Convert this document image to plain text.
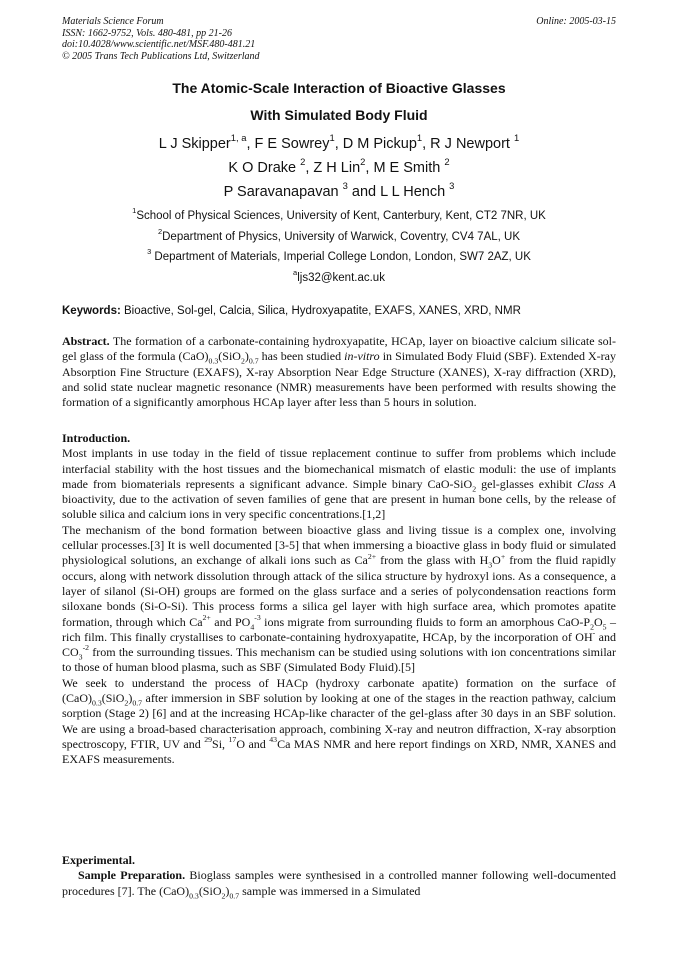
Materials Science Forum
ISSN: 1662-9752, Vols. 480-481, pp 21-26
doi:10.4028/www.scientific.net/MSF.480-481.21
© 2005 Trans Tech Publications Ltd, Switzerland
Online: 2005-03-15
The Atomic-Scale Interaction of Bioactive Glasses
With Simulated Body Fluid
L J Skipper$^{1, a}$, F E Sowrey$^1$, D M Pickup$^1$, R J Newport $^1$
K O Drake $^2$, Z H Lin$^2$, M E Smith $^2$
P Saravanapavan $^3$ and L L Hench $^3$
$^1$School of Physical Sciences, University of Kent, Canterbury, Kent, CT2 7NR, UK
$^2$Department of Physics, University of Warwick, Coventry, CV4 7AL, UK
$^3$ Department of Materials, Imperial College London, London, SW7 2AZ, UK
$^a$ljs32@kent.ac.uk
Keywords: Bioactive, Sol-gel, Calcia, Silica, Hydroxyapatite, EXAFS, XANES, XRD, NMR

Abstract. The formation of a carbonate-containing hydroxyapatite, HCAp, layer on bioactive calcium silicate sol-gel glass of the formula $(CaO)_{0.3}(SiO_2)_{0.7}$ has been studied in-vitro in Simulated Body Fluid (SBF). Extended X-ray Absorption Fine Structure (EXAFS), X-ray Absorption Near Edge Structure (XANES), X-ray diffraction (XRD), and solid state nuclear magnetic resonance (NMR) measurements have been performed with results showing the formation of a significantly amorphous HCAp layer after less than 5 hours in solution.

Introduction.

Most implants in use today in the field of tissue replacement continue to suffer from problems which include interfacial stability with the host tissues and the biomechanical mismatch of elastic moduli: the use of implants made from biomaterials represents a significant advance. Simple binary CaO-SiO$_2$ gel-glasses exhibit Class A bioactivity, due to the activation of seven families of gene that are present in human bone cells, by the release of soluble silica and calcium ions in very specific concentrations.[1,2]

The mechanism of the bond formation between bioactive glass and living tissue is a complex one, involving cellular processes.[3] It is well documented [3-5] that when immersing a bioactive glass in body fluid or simulated physiological solutions, an exchange of alkali ions such as $Ca^{2+}$ from the glass with $H_3O^+$ from the fluid rapidly occurs, along with network dissolution through attack of the silica structure by hydroxyl ions. As a consequence, a layer of silanol (Si-OH) groups are formed on the glass surface and a series of polycondensation reactions form siloxane bonds (Si-O-Si). This process forms a silica gel layer with high surface area, which promotes apatite formation, through which $Ca^{2+}$ and $PO_4^{-3}$ ions migrate from surrounding fluids to form an amorphous CaO-$P_2O_5$ –rich film. This finally crystallises to carbonate-containing hydroxyapatite, HCAp, by the incorporation of OH- and $CO_3^{-2}$ from the surrounding tissues. This mechanism can be studied using solutions with ion concentrations similar to those of human blood plasma, such as SBF (Simulated Body Fluid).[5]

We seek to understand the process of HACp (hydroxy carbonate apatite) formation on the surface of $(CaO)_{0.3}(SiO_2)_{0.7}$ after immersion in SBF solution by looking at one of the stages in the reaction pathway, calcium sorption (Stage 2) [6] and at the increasing HCAp-like character of the gel-glass after 30 days in an SBF solution. We are using a broad-based characterisation approach, combining X-ray and neutron diffraction, X-ray absorption spectroscopy, FTIR, UV and $^{29}$Si, $^{17}$O and $^{43}$Ca MAS NMR and here report findings on XRD, NMR, XANES and EXAFS measurements.

Experimental.

Sample Preparation. Bioglass samples were synthesised in a controlled manner following well-documented procedures [7]. The $(CaO)_{0.3}(SiO_2)_{0.7}$ sample was immersed in a Simulated
